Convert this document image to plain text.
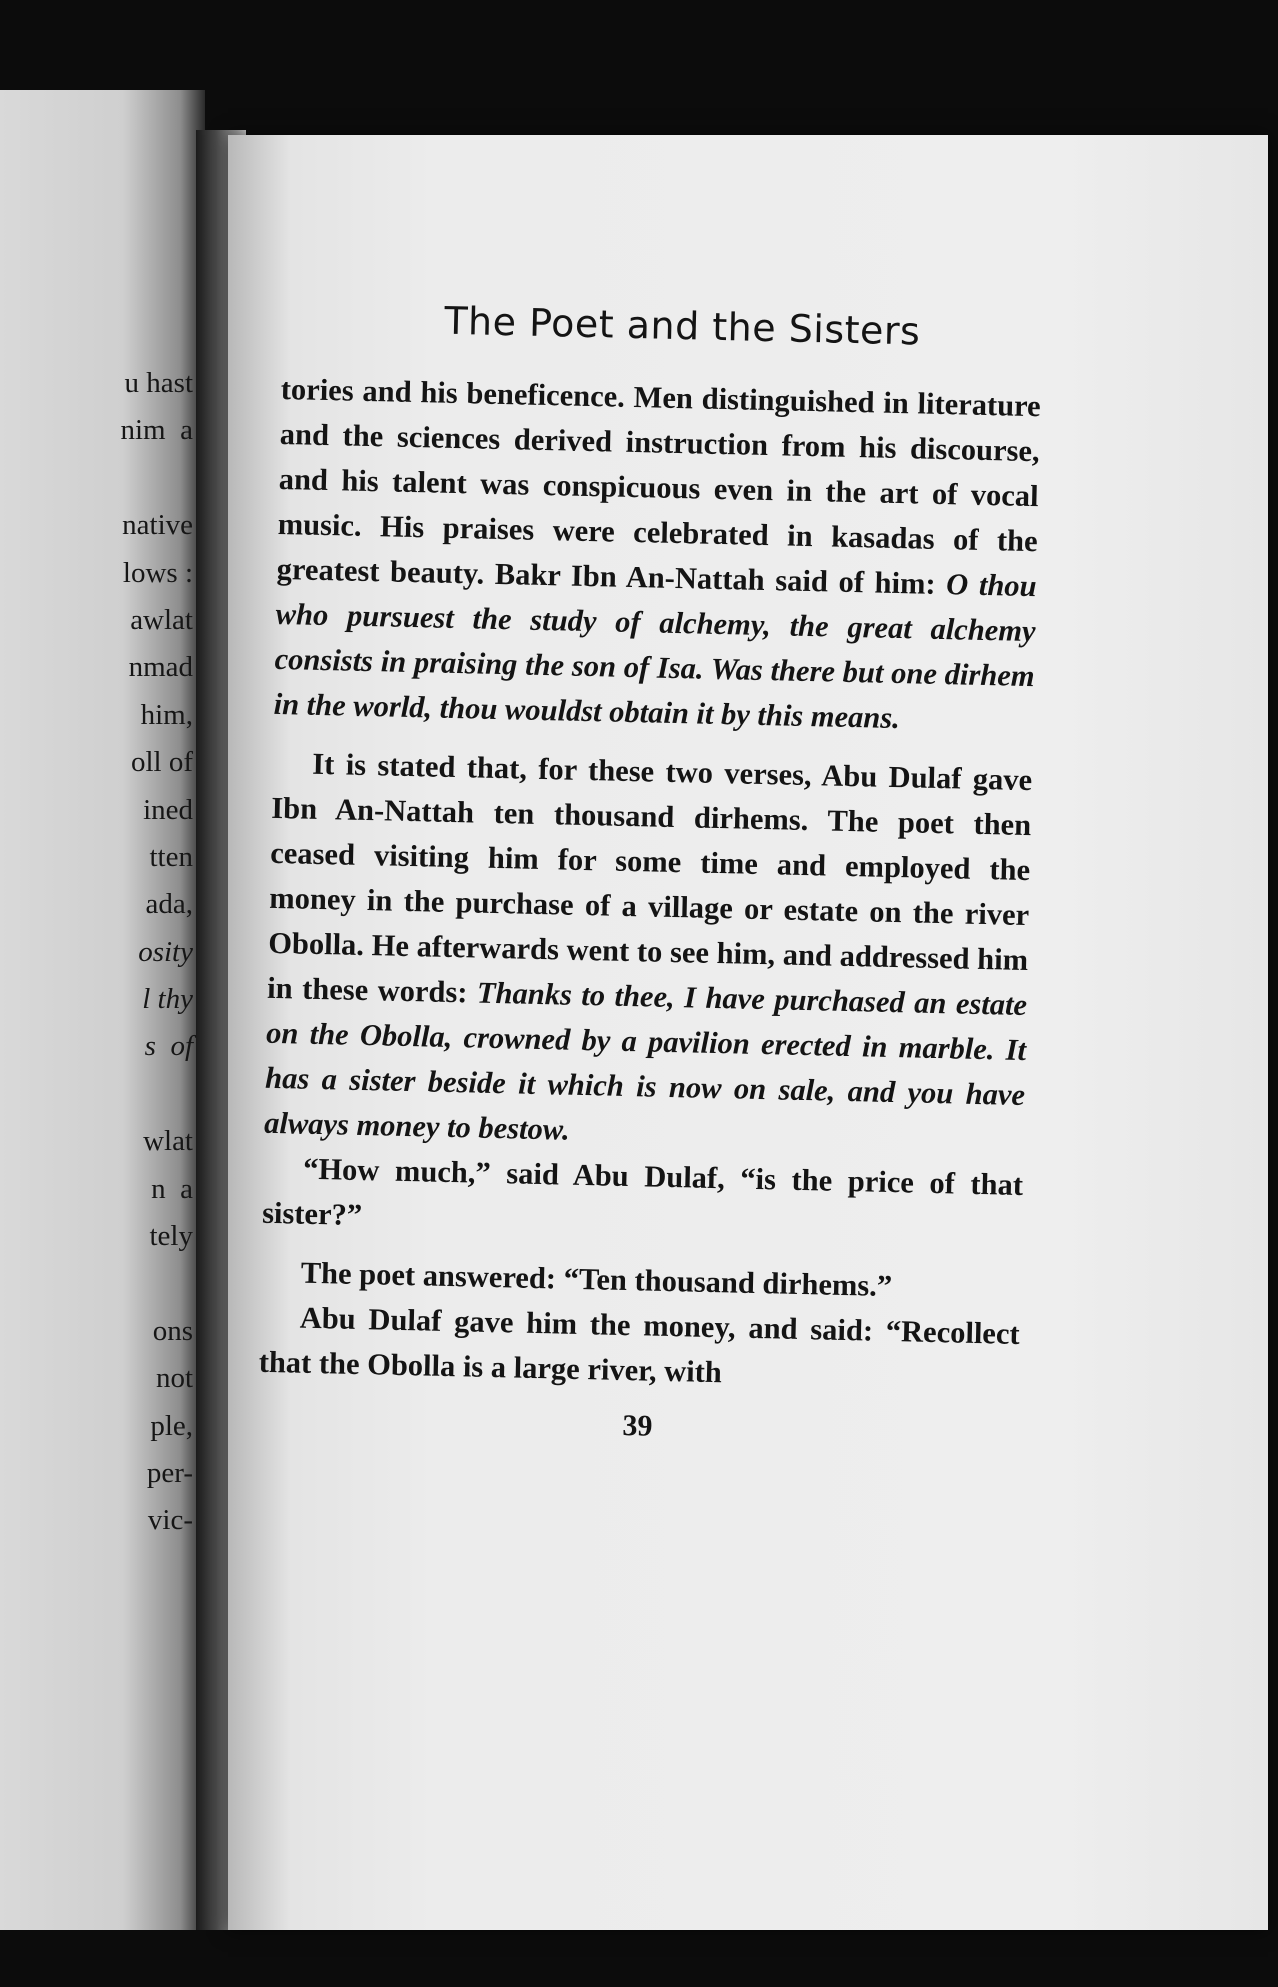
u hast
nim  a
native
lows :
awlat
nmad
him,
oll of
ined
tten
ada,
osity
l thy
s  of
wlat
n  a
tely
ons
not
ple,
per-
vic-
The Poet and the Sisters

tories and his beneficence. Men distinguished in literature and the sciences derived instruction from his discourse, and his talent was conspicuous even in the art of vocal music. His praises were celebrated in kasadas of the greatest beauty. Bakr Ibn An-Nattah said of him: O thou who pursuest the study of alchemy, the great alchemy consists in praising the son of Isa. Was there but one dirhem in the world, thou wouldst obtain it by this means.

It is stated that, for these two verses, Abu Dulaf gave Ibn An-Nattah ten thousand dirhems. The poet then ceased visiting him for some time and employed the money in the purchase of a village or estate on the river Obolla. He afterwards went to see him, and addressed him in these words: Thanks to thee, I have purchased an estate on the Obolla, crowned by a pavilion erected in marble. It has a sister beside it which is now on sale, and you have always money to bestow.

“How much,” said Abu Dulaf, “is the price of that sister?”

The poet answered: “Ten thousand dirhems.”

Abu Dulaf gave him the money, and said: “Recollect that the Obolla is a large river, with

39
